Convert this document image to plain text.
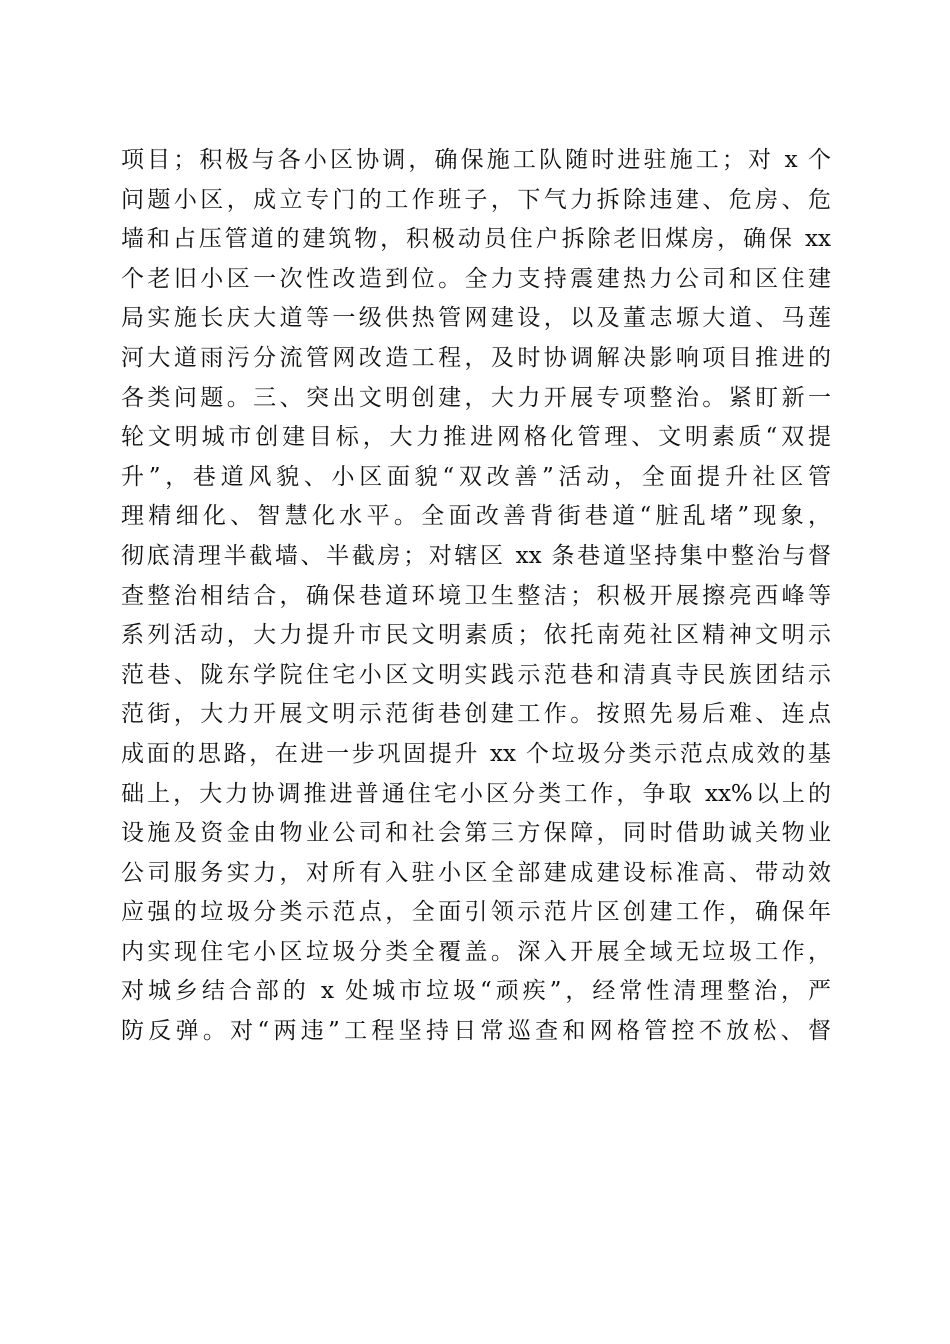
项目；积极与各小区协调，确保施工队随时进驻施工；对 x 个
问题小区，成立专门的工作班子，下气力拆除违建、危房、危
墙和占压管道的建筑物，积极动员住户拆除老旧煤房，确保 xx
个老旧小区一次性改造到位。全力支持震建热力公司和区住建
局实施长庆大道等一级供热管网建设，以及董志塬大道、马莲
河大道雨污分流管网改造工程，及时协调解决影响项目推进的
各类问题。三、突出文明创建，大力开展专项整治。紧盯新一
轮文明城市创建目标，大力推进网格化管理、文明素质“双提
升”，巷道风貌、小区面貌“双改善”活动，全面提升社区管
理精细化、智慧化水平。全面改善背街巷道“脏乱堵”现象，
彻底清理半截墙、半截房；对辖区 xx 条巷道坚持集中整治与督
查整治相结合，确保巷道环境卫生整洁；积极开展擦亮西峰等
系列活动，大力提升市民文明素质；依托南苑社区精神文明示
范巷、陇东学院住宅小区文明实践示范巷和清真寺民族团结示
范街，大力开展文明示范街巷创建工作。按照先易后难、连点
成面的思路，在进一步巩固提升 xx 个垃圾分类示范点成效的基
础上，大力协调推进普通住宅小区分类工作，争取 xx%以上的
设施及资金由物业公司和社会第三方保障，同时借助诚关物业
公司服务实力，对所有入驻小区全部建成建设标准高、带动效
应强的垃圾分类示范点，全面引领示范片区创建工作，确保年
内实现住宅小区垃圾分类全覆盖。深入开展全域无垃圾工作，
对城乡结合部的 x 处城市垃圾“顽疾”，经常性清理整治，严
防反弹。对“两违”工程坚持日常巡查和网格管控不放松、督
